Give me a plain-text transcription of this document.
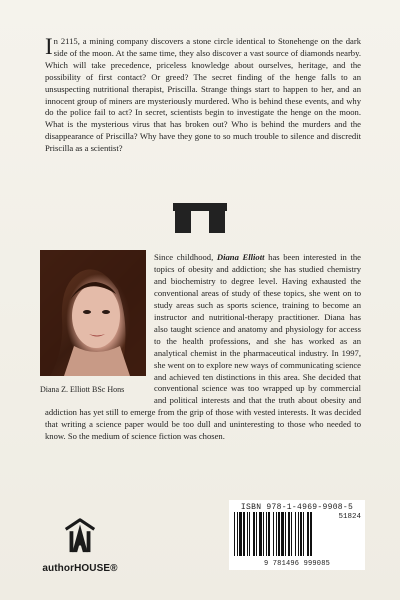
In 2115, a mining company discovers a stone circle identical to Stonehenge on the dark side of the moon. At the same time, they also discover a vast source of diamonds nearby. Which will take precedence, priceless knowledge about ourselves, heritage, and the possibility of first contact? Or greed? The secret finding of the henge falls to an unsuspecting nutritional therapist, Priscilla. Strange things start to happen to her, and an innocent group of miners are mysteriously murdered. Who is behind these events, and why do the police fail to act? In secret, scientists begin to investigate the henge on the moon. What is the mysterious virus that has broken out? Who is behind the murders and the disappearance of Priscilla? Why have they gone to so much trouble to silence and discredit Priscilla as a scientist?

Diana Z. Elliott BSc Hons

Since childhood, Diana Elliott has been interested in the topics of obesity and addiction; she has studied chemistry and biochemistry to degree level. Having exhausted the conventional areas of study of these topics, she went on to study areas such as sports science, training to become an instructor and nutritional-therapy practitioner. Diana has also taught science and anatomy and physiology for access to the health professions, and she has worked as an analytical chemist in the pharmaceutical industry. In 1997, she went on to explore new ways of communicating science and achieved ten distinctions in this area. She decided that conventional science was too wrapped up by commercial and political interests and that the truth about obesity and addiction has yet still to emerge from the grip of those with vested interests. It was decided that writing a science paper would be too dull and uninteresting to those who needed to know. So the medium of science fiction was chosen.

authorHOUSE®
ISBN 978-1-4969-9908-5
51824
9 781496 999085
